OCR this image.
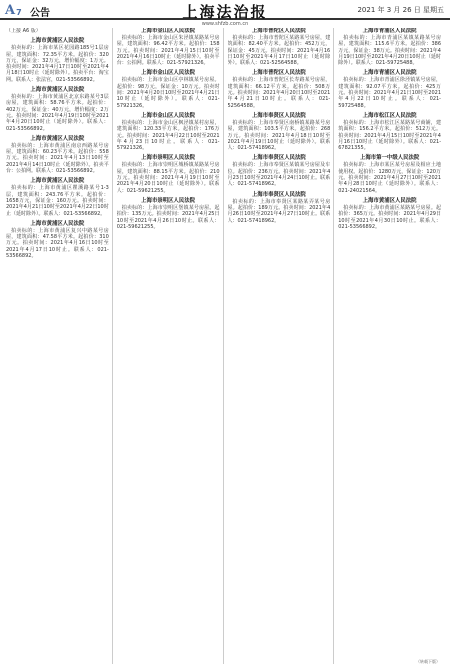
A 7 公告	上海法治报	2021 年 3 月 26 日 星期五
www.shfzb.com.cn
（上接 A6 版）
上海市黄浦区人民法院

拍卖标的：上海市某区花园路185号1层房屋，建筑面积：72.35平方米。起拍价：320万元，保证金：32万元，增价幅度：1万元。拍卖时间：2021年4月17日10时至2021年4月18日10时止（延时除外）。拍卖平台：淘宝网。联系人：张法官，021-53566892。

上海市黄浦区人民法院

拍卖标的：上海市黄浦区北京东路某号3层房屋，建筑面积：58.76平方米。起拍价：402万元，保证金：40万元，增价幅度：2万元。拍卖时间：2021年4月19日10时至2021年4月20日10时止（延时除外）。联系人：021-53566892。

上海市黄浦区人民法院

拍卖标的：上海市黄浦区南京西路某号房屋，建筑面积：60.23平方米。起拍价：558万元。拍卖时间：2021年4月13日10时至2021年4月14日10时止（延时除外）。拍卖平台：公拍网。联系人：021-53566892。

上海市黄浦区人民法院

拍卖标的：上海市黄浦区瞿溪路某号1-3层，建筑面积：243.76平方米。起拍价：1658万元，保证金：160万元。拍卖时间：2021年4月21日10时至2021年4月22日10时止（延时除外）。联系人：021-53566892。

上海市黄浦区人民法院

拍卖标的：上海市黄浦区复兴中路某号房屋，建筑面积：47.58平方米。起拍价：310万元。拍卖时间：2021年4月16日10时至2021年4月17日10时止。联系人：021-53566892。

上海市金山区人民法院

拍卖标的：上海市金山区朱泾镇某路某号房屋，建筑面积：96.42平方米。起拍价：158万元。拍卖时间：2021年4月15日10时至2021年4月16日10时止（延时除外）。拍卖平台：公拍网。联系人：021-57921326。

上海市金山区人民法院

拍卖标的：上海市金山区亭林镇某号房屋。起拍价：98万元，保证金：10万元。拍卖时间：2021年4月20日10时至2021年4月21日10时止（延时除外）。联系人：021-57921326。

上海市金山区人民法院

拍卖标的：上海市金山区枫泾镇某村房屋，建筑面积：120.33平方米。起拍价：176万元。拍卖时间：2021年4月22日10时至2021年4月23日10时止。联系人：021-57921326。

上海市崇明区人民法院

拍卖标的：上海市崇明区城桥镇某路某号房屋，建筑面积：88.15平方米。起拍价：210万元。拍卖时间：2021年4月19日10时至2021年4月20日10时止（延时除外）。联系人：021-59621255。

上海市崇明区人民法院

拍卖标的：上海市崇明区堡镇某号房屋。起拍价：135万元。拍卖时间：2021年4月25日10时至2021年4月26日10时止。联系人：021-59621255。

上海市普陀区人民法院

拍卖标的：上海市普陀区某路某号房屋，建筑面积：82.40平方米。起拍价：452万元，保证金：45万元。拍卖时间：2021年4月16日10时至2021年4月17日10时止（延时除外）。联系人：021-52564588。

上海市普陀区人民法院

拍卖标的：上海市普陀区长寿路某号房屋，建筑面积：66.12平方米。起拍价：508万元。拍卖时间：2021年4月20日10时至2021年4月21日10时止。联系人：021-52564588。

上海市奉贤区人民法院

拍卖标的：上海市奉贤区南桥镇某路某号房屋，建筑面积：103.5平方米。起拍价：268万元。拍卖时间：2021年4月18日10时至2021年4月19日10时止（延时除外）。联系人：021-57418962。

上海市奉贤区人民法院

拍卖标的：上海市奉贤区某镇某号房屋及车位。起拍价：236万元。拍卖时间：2021年4月23日10时至2021年4月24日10时止。联系人：021-57418962。

上海市奉贤区人民法院

拍卖标的：上海市奉贤区某路某弄某号房屋。起拍价：189万元。拍卖时间：2021年4月26日10时至2021年4月27日10时止。联系人：021-57418962。

上海市青浦区人民法院

拍卖标的：上海市青浦区某镇某路某号房屋，建筑面积：115.6平方米。起拍价：386万元，保证金：38万元。拍卖时间：2021年4月19日10时至2021年4月20日10时止（延时除外）。联系人：021-59725488。

上海市青浦区人民法院

拍卖标的：上海市青浦区徐泾镇某号房屋，建筑面积：92.07平方米。起拍价：425万元。拍卖时间：2021年4月21日10时至2021年4月22日10时止。联系人：021-59725488。

上海市松江区人民法院

拍卖标的：上海市松江区某路某号商铺，建筑面积：156.2平方米。起拍价：512万元。拍卖时间：2021年4月15日10时至2021年4月16日10时止（延时除外）。联系人：021-67821355。

上海市第一中级人民法院

拍卖标的：上海市某区某号房屋及相应土地使用权。起拍价：1280万元，保证金：120万元。拍卖时间：2021年4月27日10时至2021年4月28日10时止（延时除外）。联系人：021-24021564。

上海市黄浦区人民法院

拍卖标的：上海市黄浦区某路某号房屋。起拍价：365万元。拍卖时间：2021年4月29日10时至2021年4月30日10时止。联系人：021-53566892。

（转载下版）
